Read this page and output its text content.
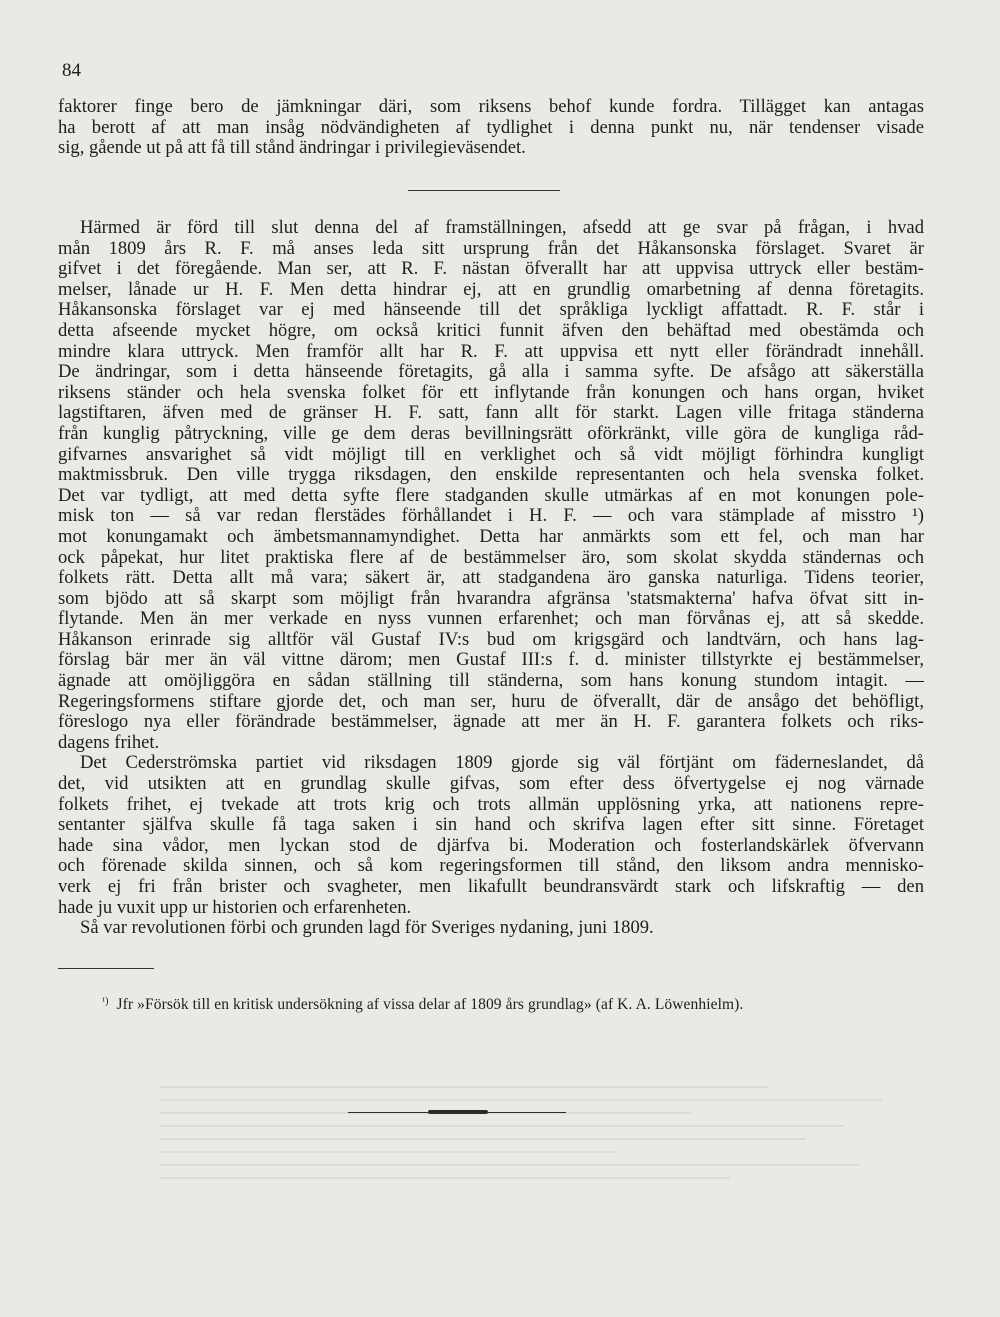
84
faktorer finge bero de jämkningar däri, som riksens behof kunde fordra. Tillägget kan antagas
ha berott af att man insåg nödvändigheten af tydlighet i denna punkt nu, när tendenser visade
sig, gående ut på att få till stånd ändringar i privilegieväsendet.
Härmed är förd till slut denna del af framställningen, afsedd att ge svar på frågan, i hvad
mån 1809 års R. F. må anses leda sitt ursprung från det Håkansonska förslaget. Svaret är
gifvet i det föregående. Man ser, att R. F. nästan öfverallt har att uppvisa uttryck eller bestäm-
melser, lånade ur H. F. Men detta hindrar ej, att en grundlig omarbetning af denna företagits.
Håkansonska förslaget var ej med hänseende till det språkliga lyckligt affattadt. R. F. står i
detta afseende mycket högre, om också kritici funnit äfven den behäftad med obestämda och
mindre klara uttryck. Men framför allt har R. F. att uppvisa ett nytt eller förändradt innehåll.
De ändringar, som i detta hänseende företagits, gå alla i samma syfte. De afsågo att säkerställa
riksens ständer och hela svenska folket för ett inflytande från konungen och hans organ, hviket
lagstiftaren, äfven med de gränser H. F. satt, fann allt för starkt. Lagen ville fritaga ständerna
från kunglig påtryckning, ville ge dem deras bevillningsrätt oförkränkt, ville göra de kungliga råd-
gifvarnes ansvarighet så vidt möjligt till en verklighet och så vidt möjligt förhindra kungligt
maktmissbruk. Den ville trygga riksdagen, den enskilde representanten och hela svenska folket.
Det var tydligt, att med detta syfte flere stadganden skulle utmärkas af en mot konungen pole-
misk ton — så var redan flerstädes förhållandet i H. F. — och vara stämplade af misstro ¹)
mot konungamakt och ämbetsmannamyndighet. Detta har anmärkts som ett fel, och man har
ock påpekat, hur litet praktiska flere af de bestämmelser äro, som skolat skydda ständernas och
folkets rätt. Detta allt må vara; säkert är, att stadgandena äro ganska naturliga. Tidens teorier,
som bjödo att så skarpt som möjligt från hvarandra afgränsa 'statsmakterna' hafva öfvat sitt in-
flytande. Men än mer verkade en nyss vunnen erfarenhet; och man förvånas ej, att så skedde.
Håkanson erinrade sig alltför väl Gustaf IV:s bud om krigsgärd och landtvärn, och hans lag-
förslag bär mer än väl vittne därom; men Gustaf III:s f. d. minister tillstyrkte ej bestämmelser,
ägnade att omöjliggöra en sådan ställning till ständerna, som hans konung stundom intagit. —
Regeringsformens stiftare gjorde det, och man ser, huru de öfverallt, där de ansågo det behöfligt,
föreslogo nya eller förändrade bestämmelser, ägnade att mer än H. F. garantera folkets och riks-
dagens frihet.
Det Cederströmska partiet vid riksdagen 1809 gjorde sig väl förtjänt om fäderneslandet, då
det, vid utsikten att en grundlag skulle gifvas, som efter dess öfvertygelse ej nog värnade
folkets frihet, ej tvekade att trots krig och trots allmän upplösning yrka, att nationens repre-
sentanter själfva skulle få taga saken i sin hand och skrifva lagen efter sitt sinne. Företaget
hade sina vådor, men lyckan stod de djärfva bi. Moderation och fosterlandskärlek öfvervann
och förenade skilda sinnen, och så kom regeringsformen till stånd, den liksom andra mennisko-
verk ej fri från brister och svagheter, men likafullt beundransvärdt stark och lifskraftig — den
hade ju vuxit upp ur historien och erfarenheten.
Så var revolutionen förbi och grunden lagd för Sveriges nydaning, juni 1809.
$^{^1)}$ Jfr »Försök till en kritisk undersökning af vissa delar af 1809 års grundlag» (af K. A. Löwenhielm).
